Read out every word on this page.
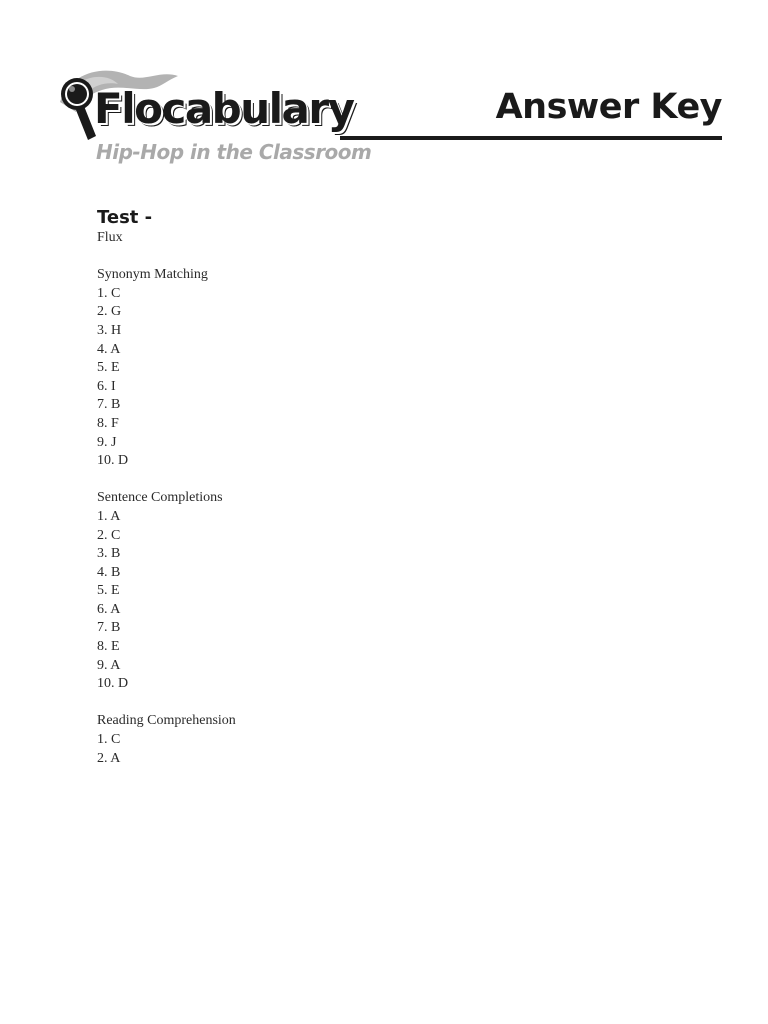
Flocabulary
Hip-Hop in the Classroom
Answer Key
Test -

Flux

Synonym Matching

1. C
2. G
3. H
4. A
5. E
6. I
7. B
8. F
9. J
10. D

Sentence Completions

1. A
2. C
3. B
4. B
5. E
6. A
7. B
8. E
9. A
10. D

Reading Comprehension

1. C
2. A
